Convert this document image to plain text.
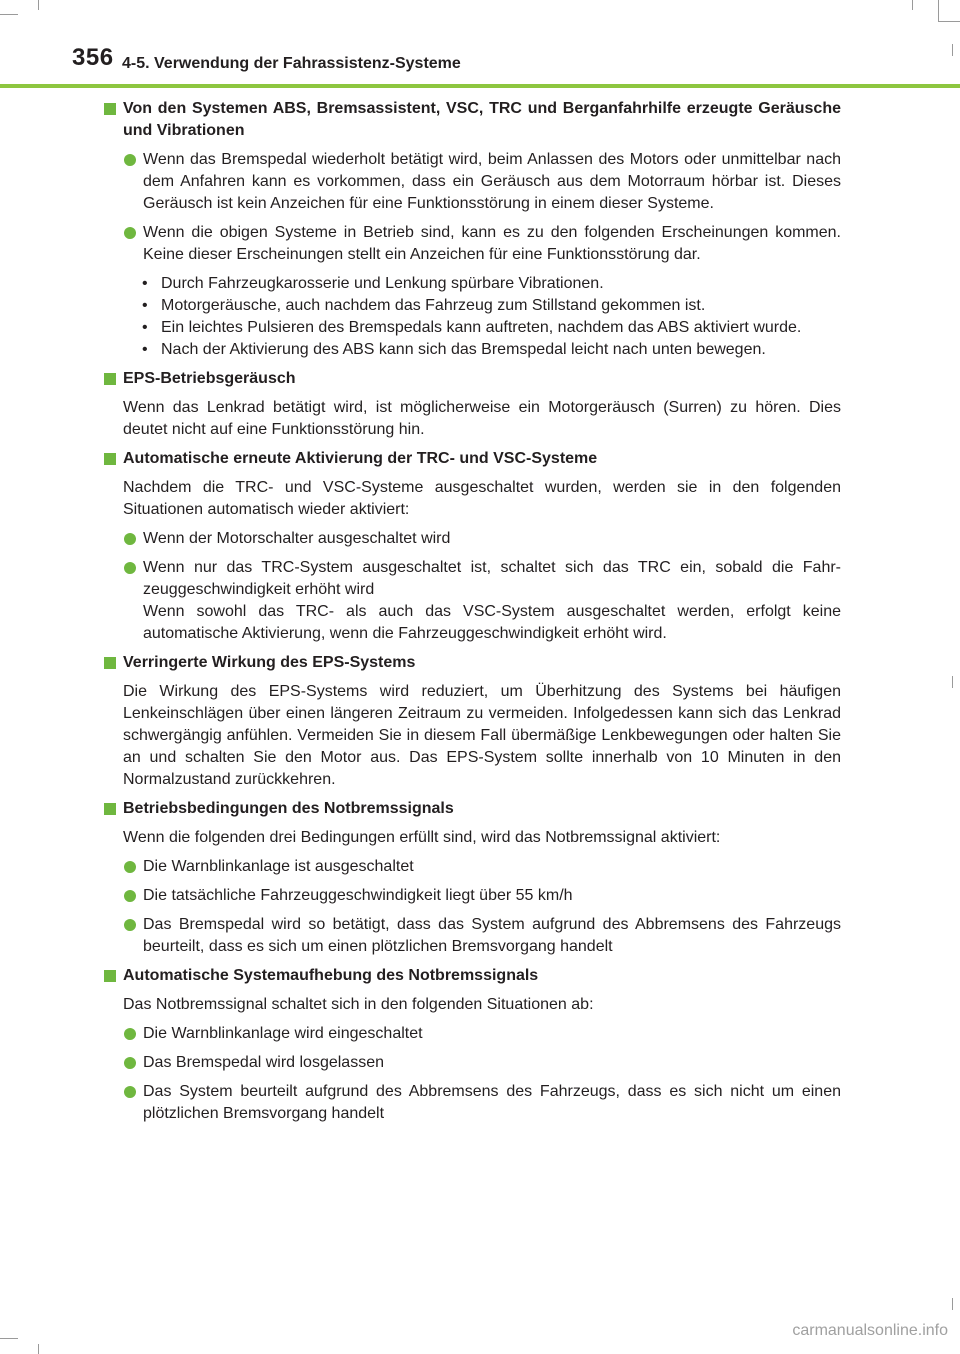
356 4-5. Verwendung der Fahrassistenz-Systeme
Von den Systemen ABS, Bremsassistent, VSC, TRC und Berganfahrhilfe erzeugte Geräusche und Vibrationen
Wenn das Bremspedal wiederholt betätigt wird, beim Anlassen des Motors oder unmittelbar nach dem Anfahren kann es vorkommen, dass ein Geräusch aus dem Motorraum hörbar ist. Dieses Geräusch ist kein Anzeichen für eine Funktionsstörung in einem dieser Systeme.
Wenn die obigen Systeme in Betrieb sind, kann es zu den folgenden Erscheinungen kommen. Keine dieser Erscheinungen stellt ein Anzeichen für eine Funktionsstörung dar.
• Durch Fahrzeugkarosserie und Lenkung spürbare Vibrationen.
• Motorgeräusche, auch nachdem das Fahrzeug zum Stillstand gekommen ist.
• Ein leichtes Pulsieren des Bremspedals kann auftreten, nachdem das ABS aktiviert wurde.
• Nach der Aktivierung des ABS kann sich das Bremspedal leicht nach unten bewegen.
EPS-Betriebsgeräusch
Wenn das Lenkrad betätigt wird, ist möglicherweise ein Motorgeräusch (Surren) zu hören. Dies deutet nicht auf eine Funktionsstörung hin.
Automatische erneute Aktivierung der TRC- und VSC-Systeme
Nachdem die TRC- und VSC-Systeme ausgeschaltet wurden, werden sie in den folgenden Situationen automatisch wieder aktiviert:
Wenn der Motorschalter ausgeschaltet wird
Wenn nur das TRC-System ausgeschaltet ist, schaltet sich das TRC ein, sobald die Fahrzeuggeschwindigkeit erhöht wird
Wenn sowohl das TRC- als auch das VSC-System ausgeschaltet werden, erfolgt keine automatische Aktivierung, wenn die Fahrzeuggeschwindigkeit erhöht wird.
Verringerte Wirkung des EPS-Systems
Die Wirkung des EPS-Systems wird reduziert, um Überhitzung des Systems bei häufigen Lenkeinschlägen über einen längeren Zeitraum zu vermeiden. Infolgedessen kann sich das Lenkrad schwergängig anfühlen. Vermeiden Sie in diesem Fall übermäßige Lenkbewegungen oder halten Sie an und schalten Sie den Motor aus. Das EPS-System sollte innerhalb von 10 Minuten in den Normalzustand zurückkehren.
Betriebsbedingungen des Notbremssignals
Wenn die folgenden drei Bedingungen erfüllt sind, wird das Notbremssignal aktiviert:
Die Warnblinkanlage ist ausgeschaltet
Die tatsächliche Fahrzeuggeschwindigkeit liegt über 55 km/h
Das Bremspedal wird so betätigt, dass das System aufgrund des Abbremsens des Fahrzeugs beurteilt, dass es sich um einen plötzlichen Bremsvorgang handelt
Automatische Systemaufhebung des Notbremssignals
Das Notbremssignal schaltet sich in den folgenden Situationen ab:
Die Warnblinkanlage wird eingeschaltet
Das Bremspedal wird losgelassen
Das System beurteilt aufgrund des Abbremsens des Fahrzeugs, dass es sich nicht um einen plötzlichen Bremsvorgang handelt
carmanualsonline.info
